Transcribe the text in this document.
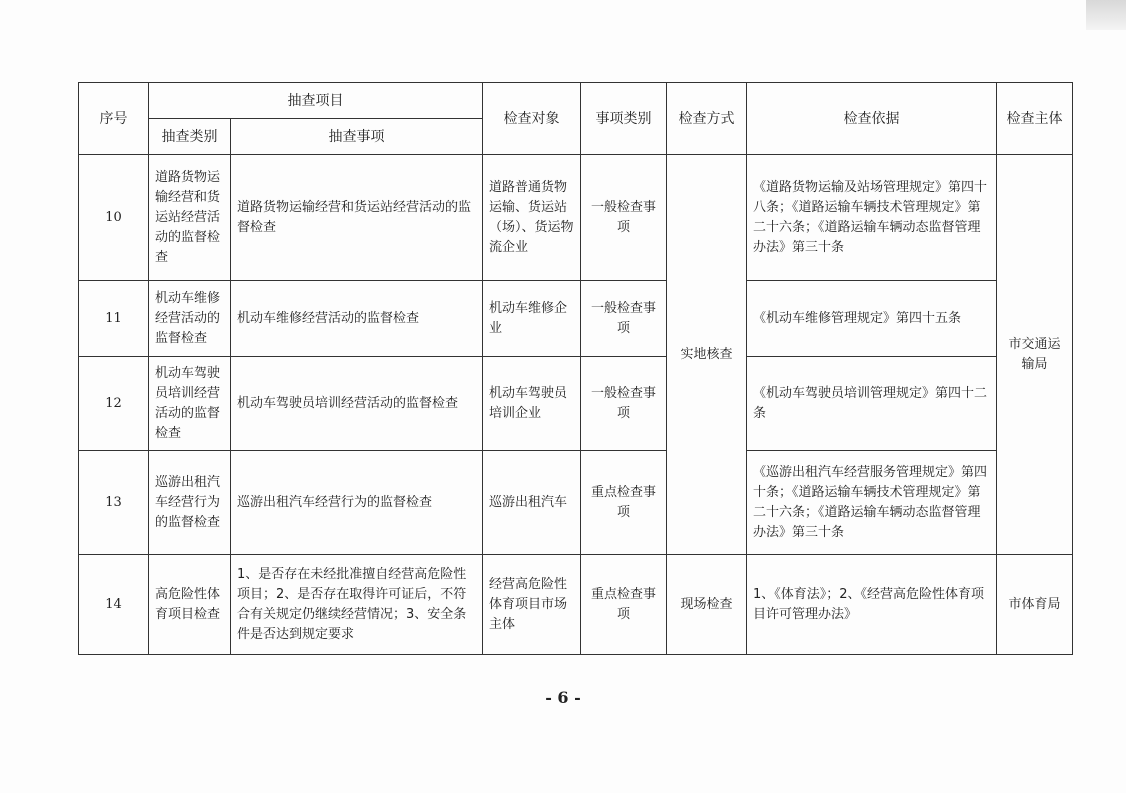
序号	抽查项目		检查对象	事项类别	检查方式	检查依据	检查主体
	抽查类别	抽查事项					
10	道路货物运输经营和货运站经营活动的监督检查	道路货物运输经营和货运站经营活动的监督检查	道路普通货物运输、货运站（场）、货运物流企业	一般检查事项	实地核查	《道路货物运输及站场管理规定》第四十八条；《道路运输车辆技术管理规定》第二十六条；《道路运输车辆动态监督管理办法》第三十条	市交通运输局
11	机动车维修经营活动的监督检查	机动车维修经营活动的监督检查	机动车维修企业	一般检查事项		《机动车维修管理规定》第四十五条	
12	机动车驾驶员培训经营活动的监督检查	机动车驾驶员培训经营活动的监督检查	机动车驾驶员培训企业	一般检查事项		《机动车驾驶员培训管理规定》第四十二条	
13	巡游出租汽车经营行为的监督检查	巡游出租汽车经营行为的监督检查	巡游出租汽车	重点检查事项		《巡游出租汽车经营服务管理规定》第四十条；《道路运输车辆技术管理规定》第二十六条；《道路运输车辆动态监督管理办法》第三十条	
14	高危险性体育项目检查	1、是否存在未经批准擅自经营高危险性项目；2、是否存在取得许可证后，不符合有关规定仍继续经营情况；3、安全条件是否达到规定要求	经营高危险性体育项目市场主体	重点检查事项	现场检查	1、《体育法》；2、《经营高危险性体育项目许可管理办法》	市体育局
- 6 -
